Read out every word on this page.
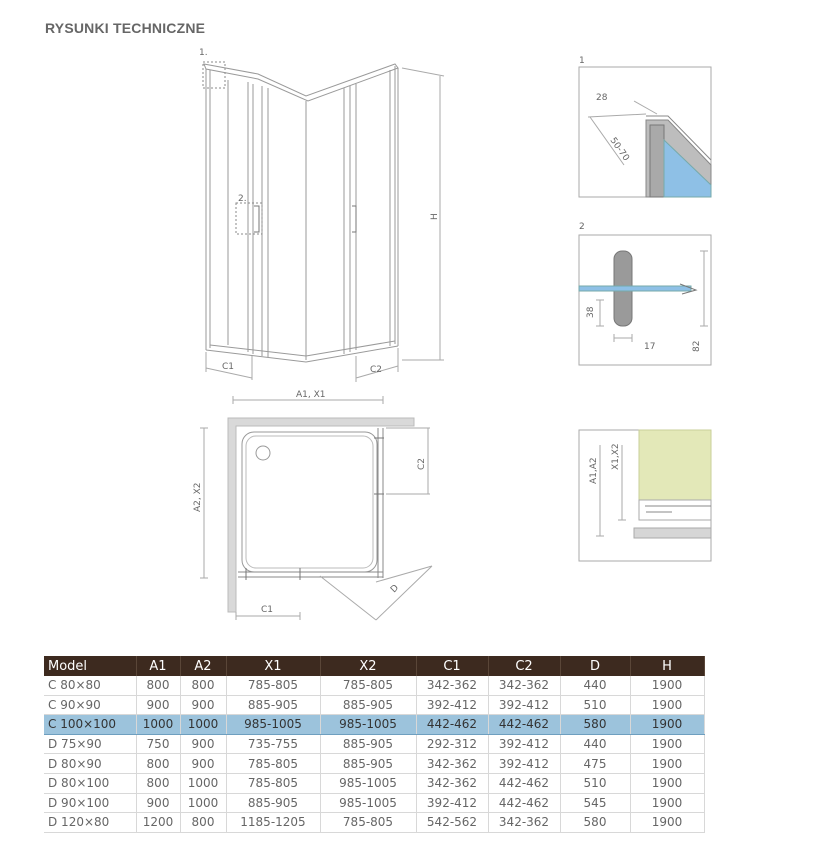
RYSUNKI TECHNICZNE
1.
2.
H
C1	C2
A1, X1
A2, X2
C2
C1
D
1
28
50-70
2
38
17	82
A1,A2
X1,X2
Model	A1	A2	X1	X2	C1	C2	D	H
C 80×80	800	800	785-805	785-805	342-362	342-362	440	1900
C 90×90	900	900	885-905	885-905	392-412	392-412	510	1900
C 100×100	1000	1000	985-1005	985-1005	442-462	442-462	580	1900
D 75×90	750	900	735-755	885-905	292-312	392-412	440	1900
D 80×90	800	900	785-805	885-905	342-362	392-412	475	1900
D 80×100	800	1000	785-805	985-1005	342-362	442-462	510	1900
D 90×100	900	1000	885-905	985-1005	392-412	442-462	545	1900
D 120×80	1200	800	1185-1205	785-805	542-562	342-362	580	1900
